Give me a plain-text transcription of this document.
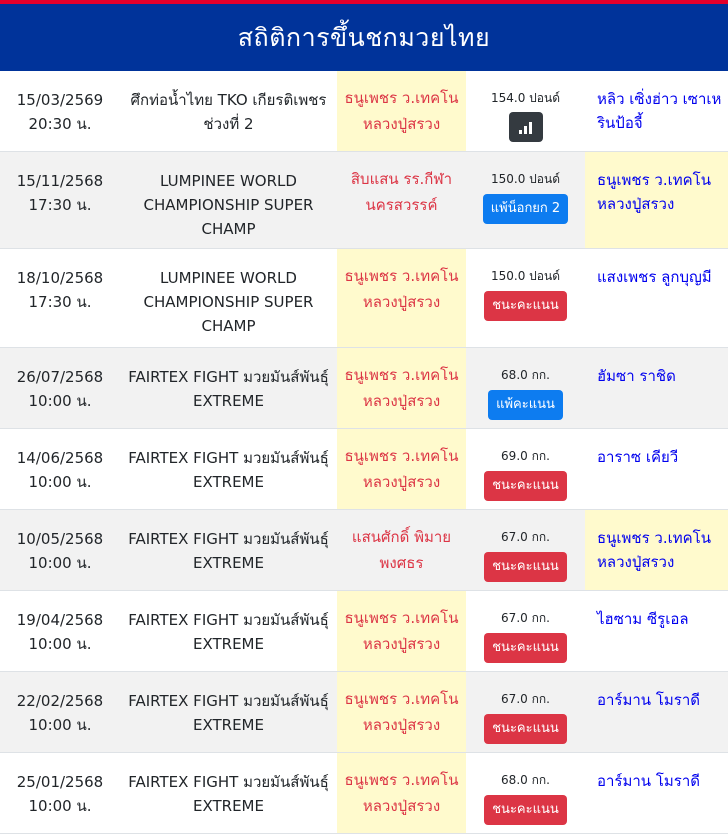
สถิติการขึ้นชกมวยไทย
15/03/2569
20:30 น.
ศึกท่อน้ำไทย TKO เกียรติเพชร ช่วงที่ 2
ธนูเพชร ว.เทคโนหลวงปู่สรวง
154.0 ปอนด์	หลิว เซิ่งฮ่าว เซาเหรินป้อจี้
15/11/2568
17:30 น.
LUMPINEE WORLD CHAMPIONSHIP SUPER CHAMP
สิบแสน รร.กีฬานครสวรรค์
150.0 ปอนด์
แพ้น็อกยก 2
ธนูเพชร ว.เทคโนหลวงปู่สรวง
18/10/2568
17:30 น.
LUMPINEE WORLD CHAMPIONSHIP SUPER CHAMP
ธนูเพชร ว.เทคโนหลวงปู่สรวง
150.0 ปอนด์
ชนะคะแนน
แสงเพชร ลูกบุญมี
26/07/2568
10:00 น.
FAIRTEX FIGHT มวยมันส์พันธุ์ EXTREME
ธนูเพชร ว.เทคโนหลวงปู่สรวง
68.0 กก.
แพ้คะแนน
ฮัมซา ราชิด
14/06/2568
10:00 น.
FAIRTEX FIGHT มวยมันส์พันธุ์ EXTREME
ธนูเพชร ว.เทคโนหลวงปู่สรวง
69.0 กก.
ชนะคะแนน
อาราซ เคียวี
10/05/2568
10:00 น.
FAIRTEX FIGHT มวยมันส์พันธุ์ EXTREME
แสนศักดิ์ พิมายพงศธร
67.0 กก.
ชนะคะแนน
ธนูเพชร ว.เทคโนหลวงปู่สรวง
19/04/2568
10:00 น.
FAIRTEX FIGHT มวยมันส์พันธุ์ EXTREME
ธนูเพชร ว.เทคโนหลวงปู่สรวง
67.0 กก.
ชนะคะแนน
ไฮซาม ซีรูเอล
22/02/2568
10:00 น.
FAIRTEX FIGHT มวยมันส์พันธุ์ EXTREME
ธนูเพชร ว.เทคโนหลวงปู่สรวง
67.0 กก.
ชนะคะแนน
อาร์มาน โมราดี
25/01/2568
10:00 น.
FAIRTEX FIGHT มวยมันส์พันธุ์ EXTREME
ธนูเพชร ว.เทคโนหลวงปู่สรวง
68.0 กก.
ชนะคะแนน
อาร์มาน โมราดี
